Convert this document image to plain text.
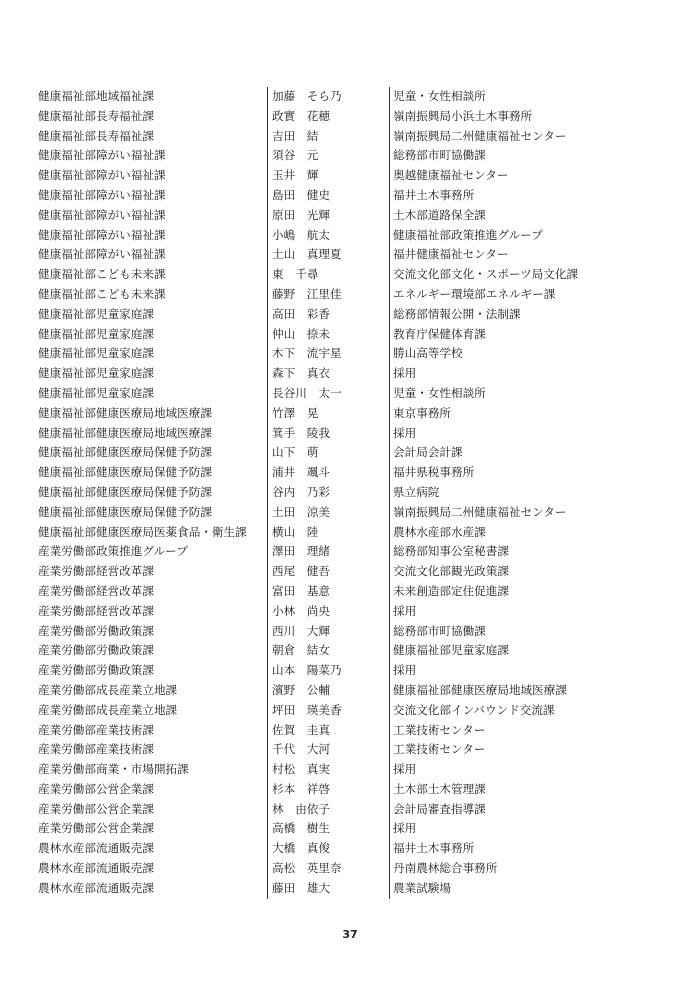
健康福祉部地域福祉課	加藤　そら乃	児童・女性相談所
健康福祉部長寿福祉課	政實　花穂	嶺南振興局小浜土木事務所
健康福祉部長寿福祉課	吉田　結	嶺南振興局二州健康福祉センター
健康福祉部障がい福祉課	須谷　元	総務部市町協働課
健康福祉部障がい福祉課	玉井　輝	奥越健康福祉センター
健康福祉部障がい福祉課	島田　健史	福井土木事務所
健康福祉部障がい福祉課	原田　光輝	土木部道路保全課
健康福祉部障がい福祉課	小嶋　航太	健康福祉部政策推進グループ
健康福祉部障がい福祉課	土山　真理夏	福井健康福祉センター
健康福祉部こども未来課	東　千尋	交流文化部文化・スポーツ局文化課
健康福祉部こども未来課	藤野　江里佳	エネルギー環境部エネルギー課
健康福祉部児童家庭課	高田　彩香	総務部情報公開・法制課
健康福祉部児童家庭課	仲山　捺未	教育庁保健体育課
健康福祉部児童家庭課	木下　流宇星	勝山高等学校
健康福祉部児童家庭課	森下　真衣	採用
健康福祉部児童家庭課	長谷川　太一	児童・女性相談所
健康福祉部健康医療局地域医療課	竹澤　晃	東京事務所
健康福祉部健康医療局地域医療課	箕手　陵我	採用
健康福祉部健康医療局保健予防課	山下　萌	会計局会計課
健康福祉部健康医療局保健予防課	浦井　颯斗	福井県税事務所
健康福祉部健康医療局保健予防課	谷内　乃彩	県立病院
健康福祉部健康医療局保健予防課	土田　涼美	嶺南振興局二州健康福祉センター
健康福祉部健康医療局医薬食品・衛生課	横山　陸	農林水産部水産課
産業労働部政策推進グループ	澤田　理緒	総務部知事公室秘書課
産業労働部経営改革課	西尾　健吾	交流文化部観光政策課
産業労働部経営改革課	富田　基意	未来創造部定住促進課
産業労働部経営改革課	小林　尚央	採用
産業労働部労働政策課	西川　大輝	総務部市町協働課
産業労働部労働政策課	朝倉　結女	健康福祉部児童家庭課
産業労働部労働政策課	山本　陽菜乃	採用
産業労働部成長産業立地課	濱野　公輔	健康福祉部健康医療局地域医療課
産業労働部成長産業立地課	坪田　瑛美香	交流文化部インバウンド交流課
産業労働部産業技術課	佐賀　圭真	工業技術センター
産業労働部産業技術課	千代　大河	工業技術センター
産業労働部商業・市場開拓課	村松　真実	採用
産業労働部公営企業課	杉本　祥啓	土木部土木管理課
産業労働部公営企業課	林　由依子	会計局審査指導課
産業労働部公営企業課	高橋　樹生	採用
農林水産部流通販売課	大橋　真俊	福井土木事務所
農林水産部流通販売課	高松　英里奈	丹南農林総合事務所
農林水産部流通販売課	藤田　雄大	農業試験場
37
